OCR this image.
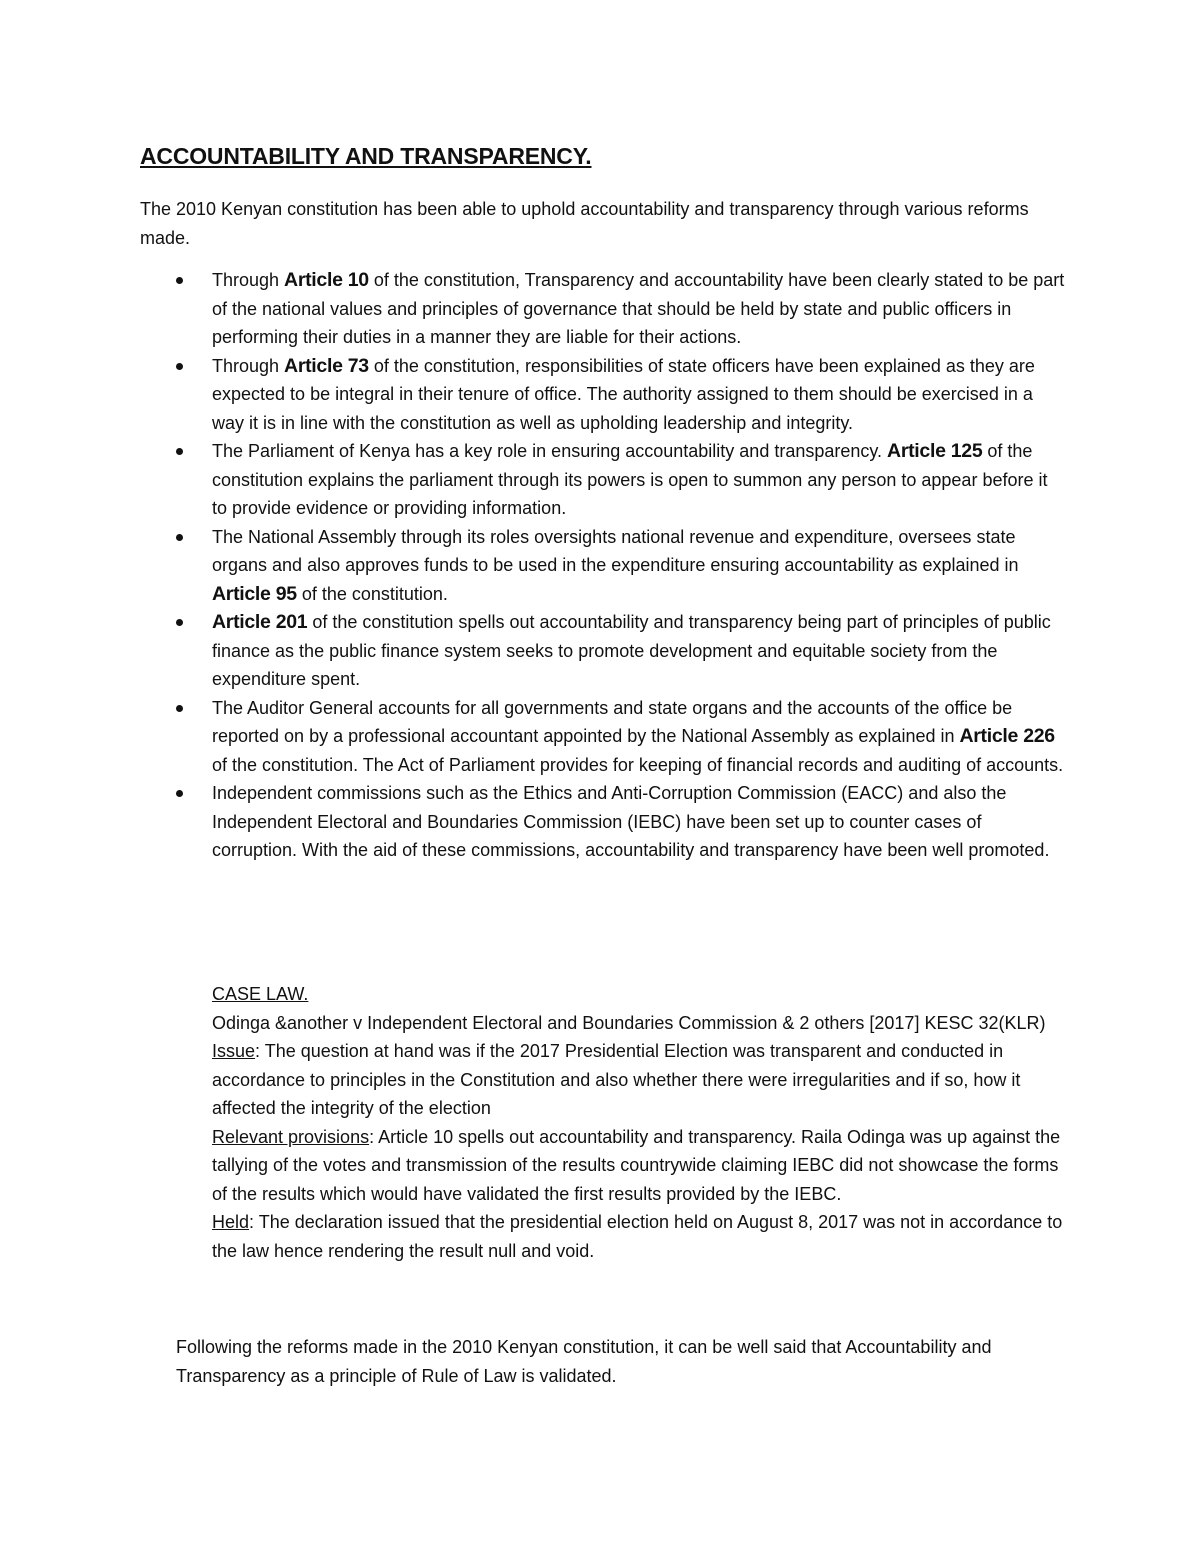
ACCOUNTABILITY AND TRANSPARENCY.

The 2010 Kenyan constitution has been able to uphold accountability and transparency through various reforms made.

Through Article 10 of the constitution, Transparency and accountability have been clearly stated to be part of the national values and principles of governance that should be held by state and public officers in performing their duties in a manner they are liable for their actions.
Through Article 73 of the constitution, responsibilities of state officers have been explained as they are expected to be integral in their tenure of office. The authority assigned to them should be exercised in a way it is in line with the constitution as well as upholding leadership and integrity.
The Parliament of Kenya has a key role in ensuring accountability and transparency. Article 125 of the constitution explains the parliament through its powers is open to summon any person to appear before it to provide evidence or providing information.
The National Assembly through its roles oversights national revenue and expenditure, oversees state organs and also approves funds to be used in the expenditure ensuring accountability as explained in Article 95 of the constitution.
Article 201 of the constitution spells out accountability and transparency being part of principles of public finance as the public finance system seeks to promote development and equitable society from the expenditure spent.
The Auditor General accounts for all governments and state organs and the accounts of the office be reported on by a professional accountant appointed by the National Assembly as explained in Article 226 of the constitution. The Act of Parliament provides for keeping of financial records and auditing of accounts.
Independent commissions such as the Ethics and Anti-Corruption Commission (EACC) and also the Independent Electoral and Boundaries Commission (IEBC) have been set up to counter cases of corruption. With the aid of these commissions, accountability and transparency have been well promoted.

CASE LAW.

Odinga &another v Independent Electoral and Boundaries Commission & 2 others [2017] KESC 32(KLR)

Issue: The question at hand was if the 2017 Presidential Election was transparent and conducted in accordance to principles in the Constitution and also whether there were irregularities and if so, how it affected the integrity of the election

Relevant provisions: Article 10 spells out accountability and transparency. Raila Odinga was up against the tallying of the votes and transmission of the results countrywide claiming IEBC did not showcase the forms of the results which would have validated the first results provided by the IEBC.

Held: The declaration issued that the presidential election held on August 8, 2017 was not in accordance to the law hence rendering the result null and void.

Following the reforms made in the 2010 Kenyan constitution, it can be well said that Accountability and Transparency as a principle of Rule of Law is validated.
